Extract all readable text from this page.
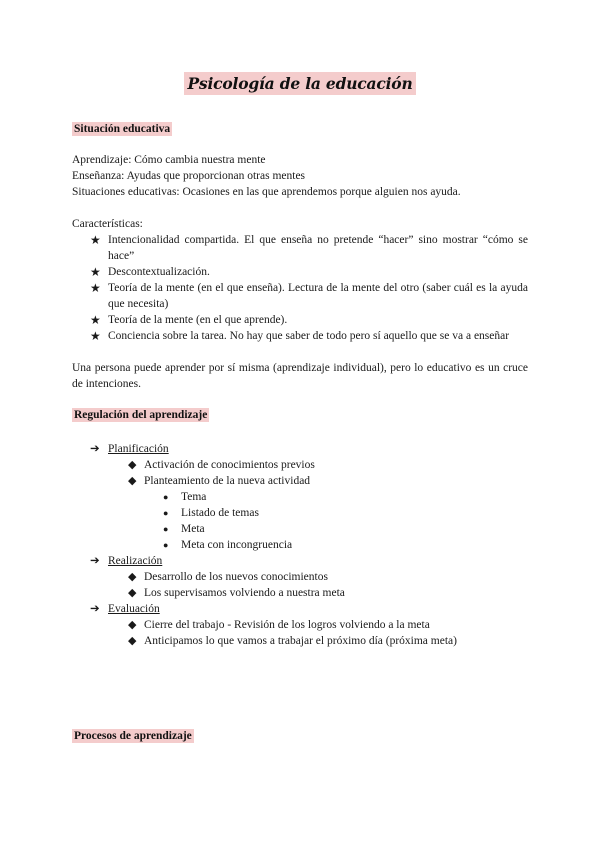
Psicología de la educación
Situación educativa
Aprendizaje: Cómo cambia nuestra mente
Enseñanza: Ayudas que proporcionan otras mentes
Situaciones educativas: Ocasiones en las que aprendemos porque alguien nos ayuda.
Características:
★ Intencionalidad compartida. El que enseña no pretende “hacer” sino mostrar “cómo se hace”
★ Descontextualización.
★ Teoría de la mente (en el que enseña). Lectura de la mente del otro (saber cuál es la ayuda que necesita)
★ Teoría de la mente (en el que aprende).
★ Conciencia sobre la tarea. No hay que saber de todo pero sí aquello que se va a enseñar
Una persona puede aprender por sí misma (aprendizaje individual), pero lo educativo es un cruce de intenciones.
Regulación del aprendizaje
➔ Planificación
◆ Activación de conocimientos previos
◆ Planteamiento de la nueva actividad
● Tema
● Listado de temas
● Meta
● Meta con incongruencia
➔ Realización
◆ Desarrollo de los nuevos conocimientos
◆ Los supervisamos volviendo a nuestra meta
➔ Evaluación
◆ Cierre del trabajo - Revisión de los logros volviendo a la meta
◆ Anticipamos lo que vamos a trabajar el próximo día (próxima meta)
Procesos de aprendizaje
